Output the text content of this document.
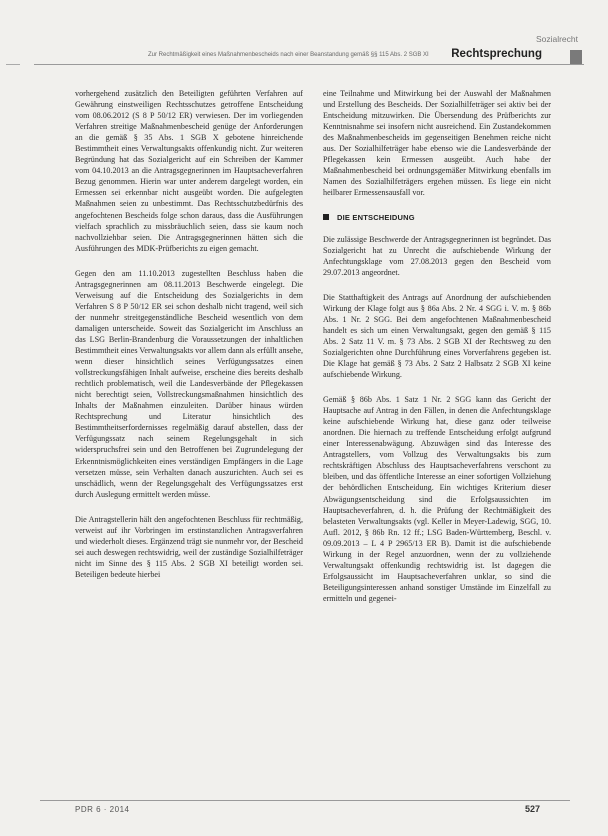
Sozialrecht
Zur Rechtmäßigkeit eines Maßnahmenbescheids nach einer Beanstandung gemäß §§ 115 Abs. 2 SGB XI Rechtsprechung

vorhergehend zusätzlich den Beteiligten geführten Verfahren auf Gewährung einstweiligen Rechtsschutzes getroffene Entscheidung vom 08.06.2012 (S 8 P 50/12 ER) verwiesen. Der im vorliegenden Verfahren streitige Maßnahmenbescheid genüge der Anforderungen an die gemäß § 35 Abs. 1 SGB X gebotene hinreichende Bestimmtheit eines Verwaltungsakts offenkundig nicht. Zur weiteren Begründung hat das Sozialgericht auf ein Schreiben der Kammer vom 04.10.2013 an die Antragsgegnerinnen im Hauptsacheverfahren Bezug genommen. Hierin war unter anderem dargelegt worden, ein Ermessen sei erkennbar nicht ausgeübt worden. Die aufgelegten Maßnahmen seien zu unbestimmt. Das Rechtsschutzbedürfnis des angefochtenen Bescheids folge schon daraus, dass die Ausführungen vielfach sprachlich zu missbräuchlich seien, dass sie kaum noch nachvollziehbar seien. Die Antragsgegnerinnen hätten sich die Ausführungen des MDK-Prüfberichts zu eigen gemacht.

Gegen den am 11.10.2013 zugestellten Beschluss haben die Antragsgegnerinnen am 08.11.2013 Beschwerde eingelegt. Die Verweisung auf die Entscheidung des Sozialgerichts in dem Verfahren S 8 P 50/12 ER sei schon deshalb nicht tragend, weil sich der nunmehr streitgegenständliche Bescheid wesentlich von dem damaligen unterscheide. Soweit das Sozialgericht im Anschluss an das LSG Berlin-Brandenburg die Voraussetzungen der inhaltlichen Bestimmtheit eines Verwaltungsakts vor allem dann als erfüllt ansehe, wenn dieser hinsichtlich seines Verfügungssatzes einen vollstreckungsfähigen Inhalt aufweise, erscheine dies bereits deshalb rechtlich problematisch, weil die Landesverbände der Pflegekassen nicht berechtigt seien, Vollstreckungsmaßnahmen hinsichtlich des Inhalts der Maßnahmen einzuleiten. Darüber hinaus würden Rechtsprechung und Literatur hinsichtlich des Bestimmtheitserfordernisses regelmäßig darauf abstellen, dass der Verfügungssatz nach seinem Regelungsgehalt in sich widerspruchsfrei sein und den Betroffenen bei Zugrundelegung der Erkenntnismöglichkeiten eines verständigen Empfängers in die Lage versetzen müsse, sein Verhalten danach auszurichten. Auch sei es unschädlich, wenn der Regelungsgehalt des Verfügungssatzes erst durch Auslegung ermittelt werden müsse.

Die Antragstellerin hält den angefochtenen Beschluss für rechtmäßig, verweist auf ihr Vorbringen im erstinstanzlichen Antragsverfahren und wiederholt dieses. Ergänzend trägt sie nunmehr vor, der Bescheid sei auch deswegen rechtswidrig, weil der zuständige Sozialhilfeträger nicht im Sinne des § 115 Abs. 2 SGB XI beteiligt worden sei. Beteiligen bedeute hierbei

eine Teilnahme und Mitwirkung bei der Auswahl der Maßnahmen und Erstellung des Bescheids. Der Sozialhilfeträger sei aktiv bei der Entscheidung mitzuwirken. Die Übersendung des Prüfberichts zur Kenntnisnahme sei insofern nicht ausreichend. Ein Zustandekommen des Maßnahmenbescheids im gegenseitigen Benehmen reiche nicht aus. Der Sozialhilfeträger habe ebenso wie die Landesverbände der Pflegekassen kein Ermessen ausgeübt. Auch habe der Maßnahmenbescheid bei ordnungsgemäßer Mitwirkung ebenfalls im Namen des Sozialhilfeträgers ergehen müssen. Es liege ein nicht heilbarer Ermessensausfall vor.

DIE ENTSCHEIDUNG

Die zulässige Beschwerde der Antragsgegnerinnen ist begründet. Das Sozialgericht hat zu Unrecht die aufschiebende Wirkung der Anfechtungsklage vom 27.08.2013 gegen den Bescheid vom 29.07.2013 angeordnet.

Die Statthaftigkeit des Antrags auf Anordnung der aufschiebenden Wirkung der Klage folgt aus § 86a Abs. 2 Nr. 4 SGG i. V. m. § 86b Abs. 1 Nr. 2 SGG. Bei dem angefochtenen Maßnahmenbescheid handelt es sich um einen Verwaltungsakt, gegen den gemäß § 115 Abs. 2 Satz 11 V. m. § 73 Abs. 2 SGB XI der Rechtsweg zu den Sozialgerichten ohne Durchführung eines Vorverfahrens gegeben ist. Die Klage hat gemäß § 73 Abs. 2 Satz 2 Halbsatz 2 SGB XI keine aufschiebende Wirkung.

Gemäß § 86b Abs. 1 Satz 1 Nr. 2 SGG kann das Gericht der Hauptsache auf Antrag in den Fällen, in denen die Anfechtungsklage keine aufschiebende Wirkung hat, diese ganz oder teilweise anordnen. Die hiernach zu treffende Entscheidung erfolgt aufgrund einer Interessenabwägung. Abzuwägen sind das Interesse des Antragstellers, vom Vollzug des Verwaltungsakts bis zum rechtskräftigen Abschluss des Hauptsacheverfahrens verschont zu bleiben, und das öffentliche Interesse an einer sofortigen Vollziehung der behördlichen Entscheidung. Ein wichtiges Kriterium dieser Abwägungsentscheidung sind die Erfolgsaussichten im Hauptsacheverfahren, d. h. die Prüfung der Rechtmäßigkeit des belasteten Verwaltungsakts (vgl. Keller in Meyer-Ladewig, SGG, 10. Aufl. 2012, § 86b Rn. 12 ff.; LSG Baden-Württemberg, Beschl. v. 09.09.2013 – L 4 P 2965/13 ER B). Damit ist die aufschiebende Wirkung in der Regel anzuordnen, wenn der zu vollziehende Verwaltungsakt offenkundig rechtswidrig ist. Ist dagegen die Erfolgsaussicht im Hauptsacheverfahren unklar, so sind die Beteiligungsinteressen anhand sonstiger Umstände im Einzelfall zu ermitteln und gegenei-

PDR 6 · 2014	527
